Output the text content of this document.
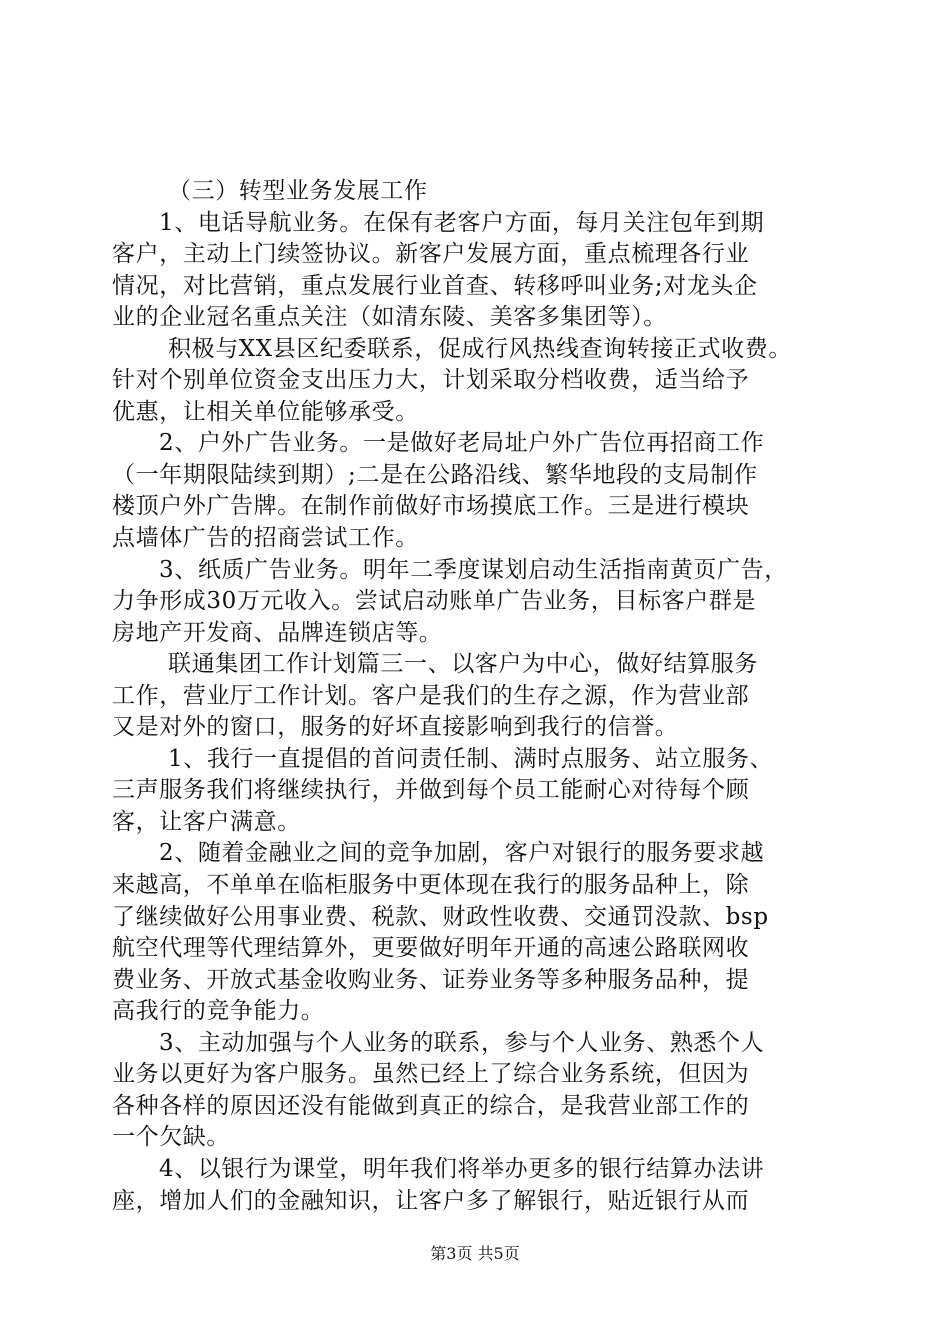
（三）转型业务发展工作
1、电话导航业务。在保有老客户方面，每月关注包年到期
客户，主动上门续签协议。新客户发展方面，重点梳理各行业
情况，对比营销，重点发展行业首查、转移呼叫业务;对龙头企
业的企业冠名重点关注（如清东陵、美客多集团等）。
积极与XX县区纪委联系，促成行风热线查询转接正式收费。
针对个别单位资金支出压力大，计划采取分档收费，适当给予
优惠，让相关单位能够承受。
2、户外广告业务。一是做好老局址户外广告位再招商工作
（一年期限陆续到期）;二是在公路沿线、繁华地段的支局制作
楼顶户外广告牌。在制作前做好市场摸底工作。三是进行模块
点墙体广告的招商尝试工作。
3、纸质广告业务。明年二季度谋划启动生活指南黄页广告，
力争形成30万元收入。尝试启动账单广告业务，目标客户群是
房地产开发商、品牌连锁店等。
联通集团工作计划篇三一、以客户为中心，做好结算服务
工作，营业厅工作计划。客户是我们的生存之源，作为营业部
又是对外的窗口，服务的好坏直接影响到我行的信誉。
1、我行一直提倡的首问责任制、满时点服务、站立服务、
三声服务我们将继续执行，并做到每个员工能耐心对待每个顾
客，让客户满意。
2、随着金融业之间的竞争加剧，客户对银行的服务要求越
来越高，不单单在临柜服务中更体现在我行的服务品种上，除
了继续做好公用事业费、税款、财政性收费、交通罚没款、bsp
航空代理等代理结算外，更要做好明年开通的高速公路联网收
费业务、开放式基金收购业务、证券业务等多种服务品种，提
高我行的竞争能力。
3、主动加强与个人业务的联系，参与个人业务、熟悉个人
业务以更好为客户服务。虽然已经上了综合业务系统，但因为
各种各样的原因还没有能做到真正的综合，是我营业部工作的
一个欠缺。
4、以银行为课堂，明年我们将举办更多的银行结算办法讲
座，增加人们的金融知识，让客户多了解银行，贴近银行从而
第3页 共5页
